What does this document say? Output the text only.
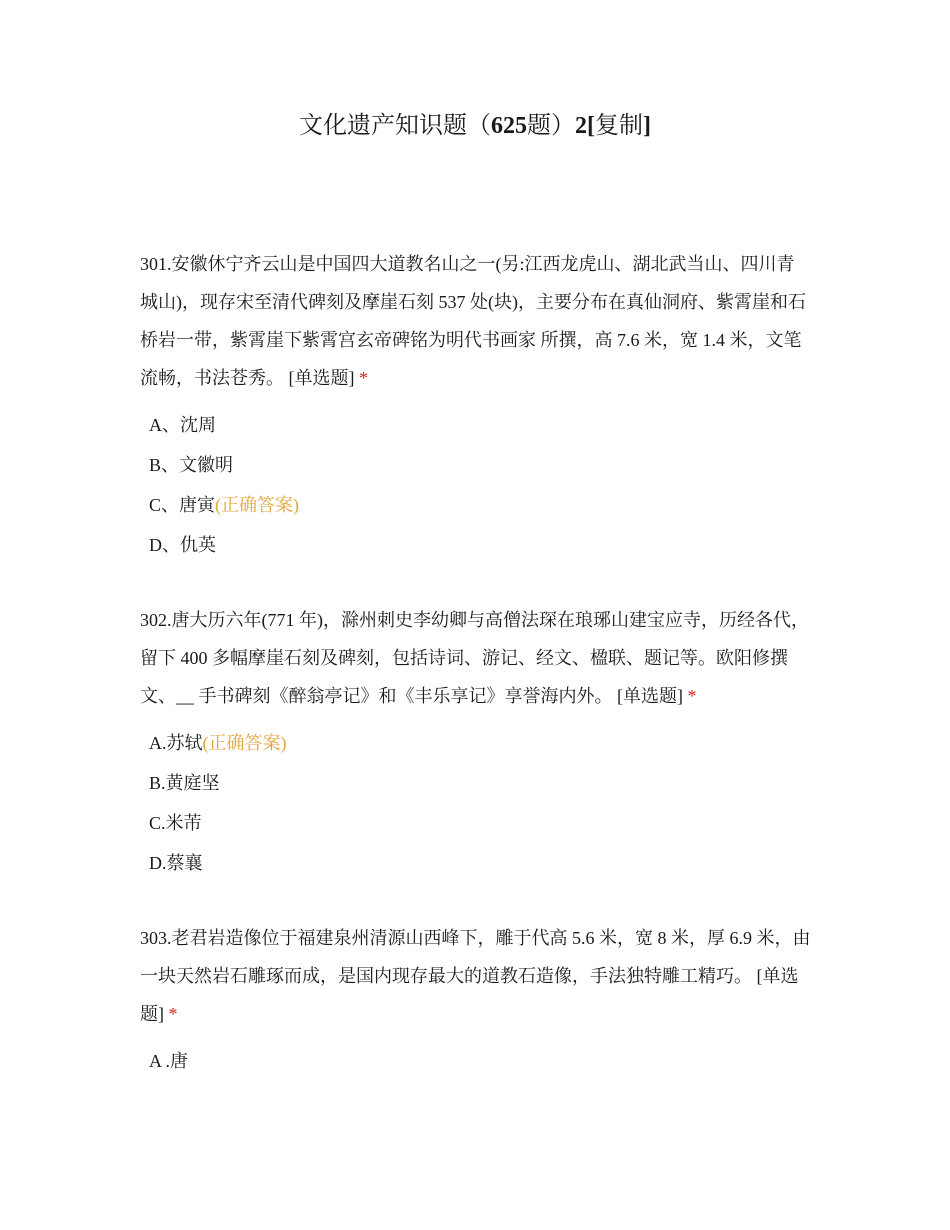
文化遗产知识题（625题）2[复制]

301.安徽休宁齐云山是中国四大道教名山之一(另:江西龙虎山、湖北武当山、四川青城山)，现存宋至清代碑刻及摩崖石刻 537 处(块)，主要分布在真仙洞府、紫霄崖和石桥岩一带，紫霄崖下紫霄宫玄帝碑铭为明代书画家 所撰，高 7.6 米，宽 1.4 米，文笔流畅，书法苍秀。 [单选题] *

A、沈周
B、文徽明
C、唐寅(正确答案)
D、仇英

302.唐大历六年(771 年)，滁州刺史李幼卿与高僧法琛在琅琊山建宝应寺，历经各代，留下 400 多幅摩崖石刻及碑刻，包括诗词、游记、经文、楹联、题记等。欧阳修撰文、__ 手书碑刻《醉翁亭记》和《丰乐享记》享誉海内外。 [单选题] *

A.苏轼(正确答案)
B.黄庭坚
C.米芾
D.蔡襄

303.老君岩造像位于福建泉州清源山西峰下，雕于代高 5.6 米，宽 8 米，厚 6.9 米，由一块天然岩石雕琢而成，是国内现存最大的道教石造像，手法独特雕工精巧。 [单选题] *

A .唐
